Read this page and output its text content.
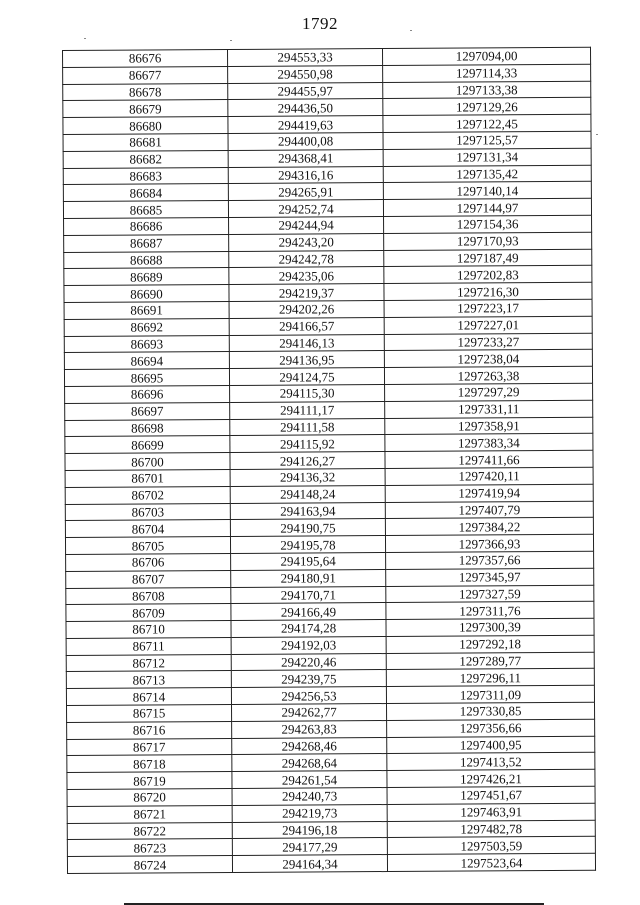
1792
86676	294553,33	1297094,00
86677	294550,98	1297114,33
86678	294455,97	1297133,38
86679	294436,50	1297129,26
86680	294419,63	1297122,45
86681	294400,08	1297125,57
86682	294368,41	1297131,34
86683	294316,16	1297135,42
86684	294265,91	1297140,14
86685	294252,74	1297144,97
86686	294244,94	1297154,36
86687	294243,20	1297170,93
86688	294242,78	1297187,49
86689	294235,06	1297202,83
86690	294219,37	1297216,30
86691	294202,26	1297223,17
86692	294166,57	1297227,01
86693	294146,13	1297233,27
86694	294136,95	1297238,04
86695	294124,75	1297263,38
86696	294115,30	1297297,29
86697	294111,17	1297331,11
86698	294111,58	1297358,91
86699	294115,92	1297383,34
86700	294126,27	1297411,66
86701	294136,32	1297420,11
86702	294148,24	1297419,94
86703	294163,94	1297407,79
86704	294190,75	1297384,22
86705	294195,78	1297366,93
86706	294195,64	1297357,66
86707	294180,91	1297345,97
86708	294170,71	1297327,59
86709	294166,49	1297311,76
86710	294174,28	1297300,39
86711	294192,03	1297292,18
86712	294220,46	1297289,77
86713	294239,75	1297296,11
86714	294256,53	1297311,09
86715	294262,77	1297330,85
86716	294263,83	1297356,66
86717	294268,46	1297400,95
86718	294268,64	1297413,52
86719	294261,54	1297426,21
86720	294240,73	1297451,67
86721	294219,73	1297463,91
86722	294196,18	1297482,78
86723	294177,29	1297503,59
86724	294164,34	1297523,64
